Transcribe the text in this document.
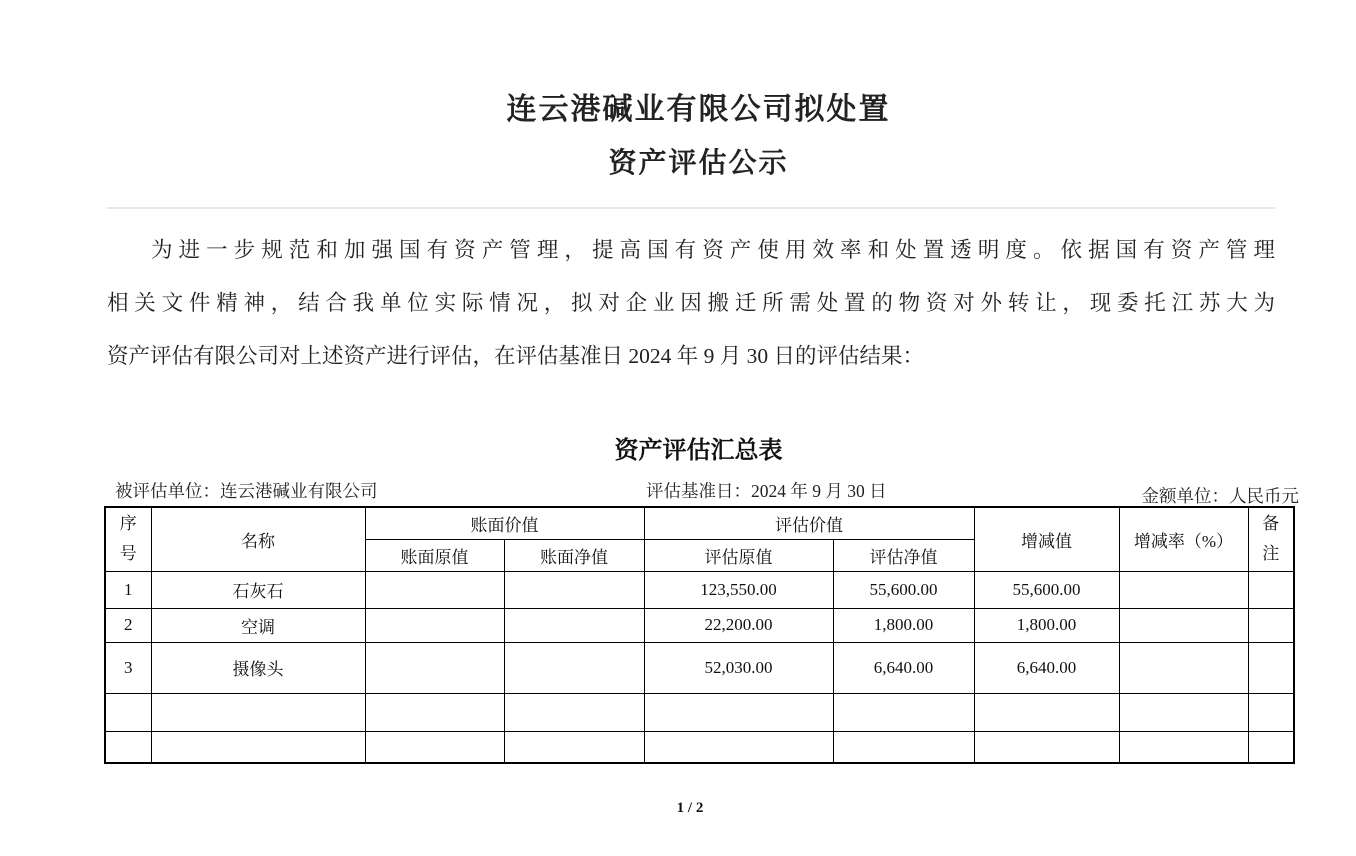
连云港碱业有限公司拟处置
资产评估公示
为进一步规范和加强国有资产管理，提高国有资产使用效率和处置透明度。依据国有资产管理
相关文件精神，结合我单位实际情况，拟对企业因搬迁所需处置的物资对外转让，现委托江苏大为
资产评估有限公司对上述资产进行评估，在评估基准日 2024 年 9 月 30 日的评估结果：
资产评估汇总表
被评估单位：连云港碱业有限公司	评估基准日：2024 年 9 月 30 日	金额单位：人民币元
序号	名称	账面价值		评估价值		增减值	增减率（%）	备注
		账面原值	账面净值	评估原值	评估净值			
1	石灰石			123,550.00	55,600.00	55,600.00		
2	空调			22,200.00	1,800.00	1,800.00		
3	摄像头			52,030.00	6,640.00	6,640.00		

1 / 2
